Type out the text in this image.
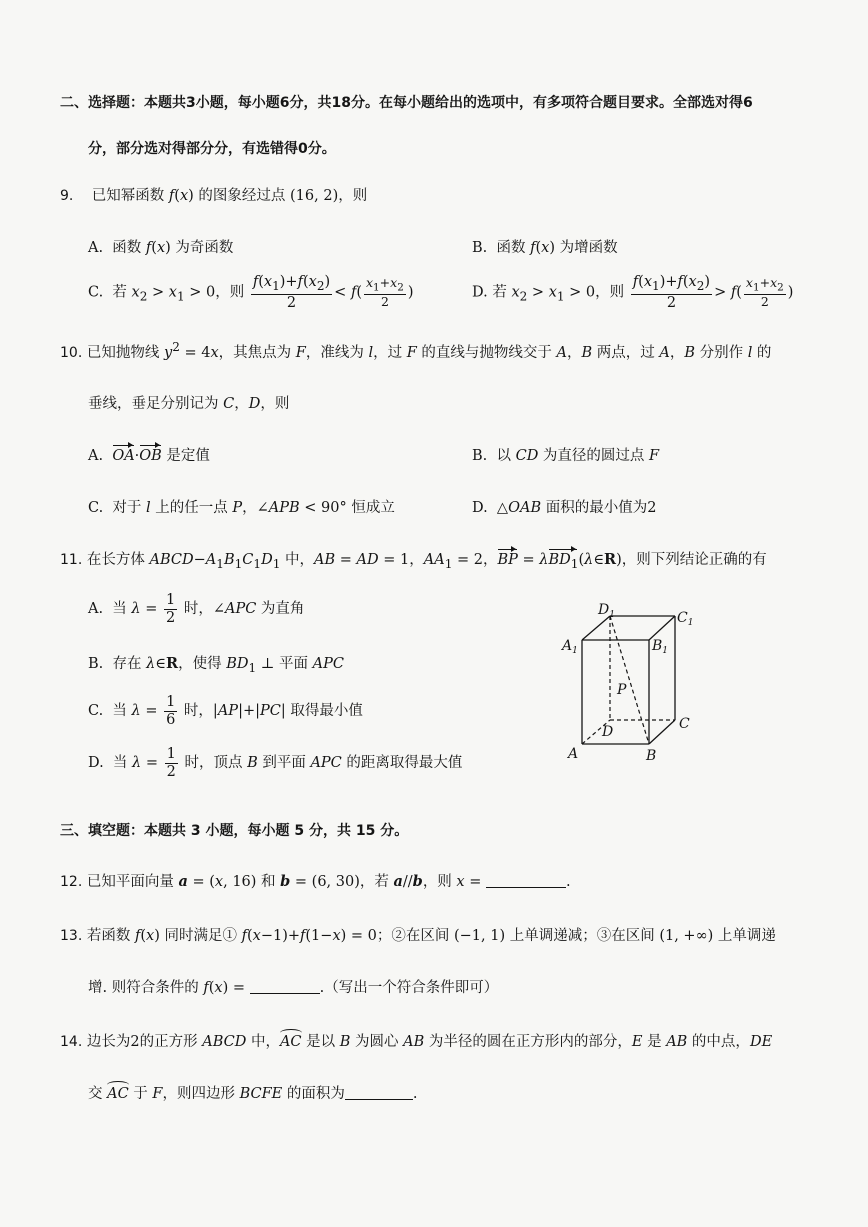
二、选择题：本题共3小题，每小题6分，共18分。在每小题给出的选项中，有多项符合题目要求。全部选对得6
分，部分选对得部分分，有选错得0分。
9.    已知幂函数 f(x) 的图象经过点 (16, 2)，则
A.  函数 f(x) 为奇函数	B.  函数 f(x) 为增函数
C.  若 $x_2 > x_1 > 0$，则 $\frac{f(x_1)+f(x_2)}{2} < f( \frac{x_1+x_2}{2}$ )	D. 若 $x_2 > x_1 > 0$，则 $\frac{f(x_1)+f(x_2)}{2} > f( \frac{x_1+x_2}{2}$ )
10. 已知抛物线 $y^2 = 4x$，其焦点为 F，准线为 l，过 F 的直线与抛物线交于 A，B 两点，过 A，B 分别作 l 的
垂线，垂足分别记为 C，D，则
A.  OA·OB 是定值	B.  以 CD 为直径的圆过点 F
C.  对于 l 上的任一点 P，∠APB < 90° 恒成立	D.  △OAB 面积的最小值为2
11. 在长方体 $ABCD-A_1B_1C_1D_1$ 中，AB = AD = 1，$AA_1 = 2$，BP = λBD$_1$(λ∈R)，则下列结论正确的有
A.  当 $\lambda = \frac{1}{2}$ 时，∠APC 为直角
B.  存在 λ∈R，使得 $BD_1$ ⊥ 平面 APC
C.  当 $\lambda = \frac{1}{6}$ 时，|AP|+|PC| 取得最小值
D.  当 $\lambda = \frac{1}{2}$ 时，顶点 B 到平面 APC 的距离取得最大值
$D_1$	$C_1$
$A_1$	$B_1$
P
D	C
A	B
三、填空题：本题共 3 小题，每小题 5 分，共 15 分。
12. 已知平面向量 a = (x, 16) 和 b = (6, 30)，若 a//b，则 x =	.
13. 若函数 f(x) 同时满足① f(x−1)+f(1−x) = 0；②在区间 (−1, 1) 上单调递减；③在区间 (1, +∞) 上单调递
增. 则符合条件的 f(x) =	.（写出一个符合条件即可）
14. 边长为2的正方形 ABCD 中，AC 是以 B 为圆心 AB 为半径的圆在正方形内的部分，E 是 AB 的中点，DE
交 AC 于 F，则四边形 BCFE 的面积为	.
